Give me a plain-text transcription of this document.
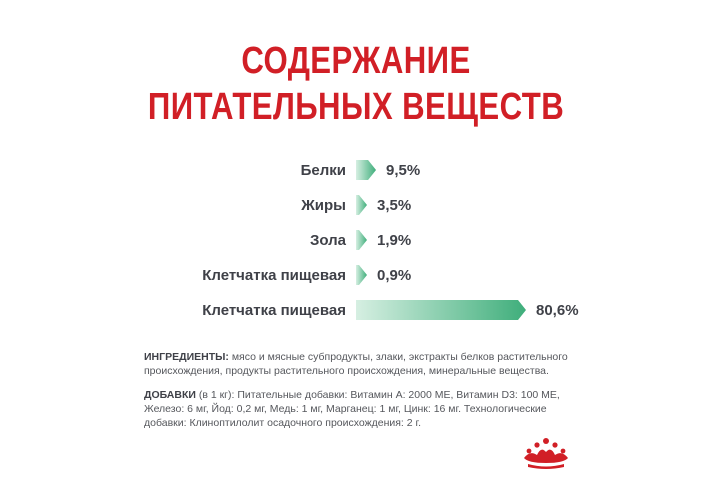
СОДЕРЖАНИЕ
ПИТАТЕЛЬНЫХ ВЕЩЕСТВ
Белки	9,5%
Жиры 3,5%
Зола 1,9%
Клетчатка пищевая 0,9%
Клетчатка пищевая	80,6%

ИНГРЕДИЕНТЫ: мясо и мясные субпродукты, злаки, экстракты белков растительного происхождения, продукты растительного происхождения, минеральные вещества.

ДОБАВКИ (в 1 кг): Питательные добавки: Витамин А: 2000 МЕ, Витамин D3: 100 МЕ, Железо: 6 мг, Йод: 0,2 мг, Медь: 1 мг, Марганец: 1 мг, Цинк: 16 мг. Технологические добавки: Клиноптилолит осадочного происхождения: 2 г.
